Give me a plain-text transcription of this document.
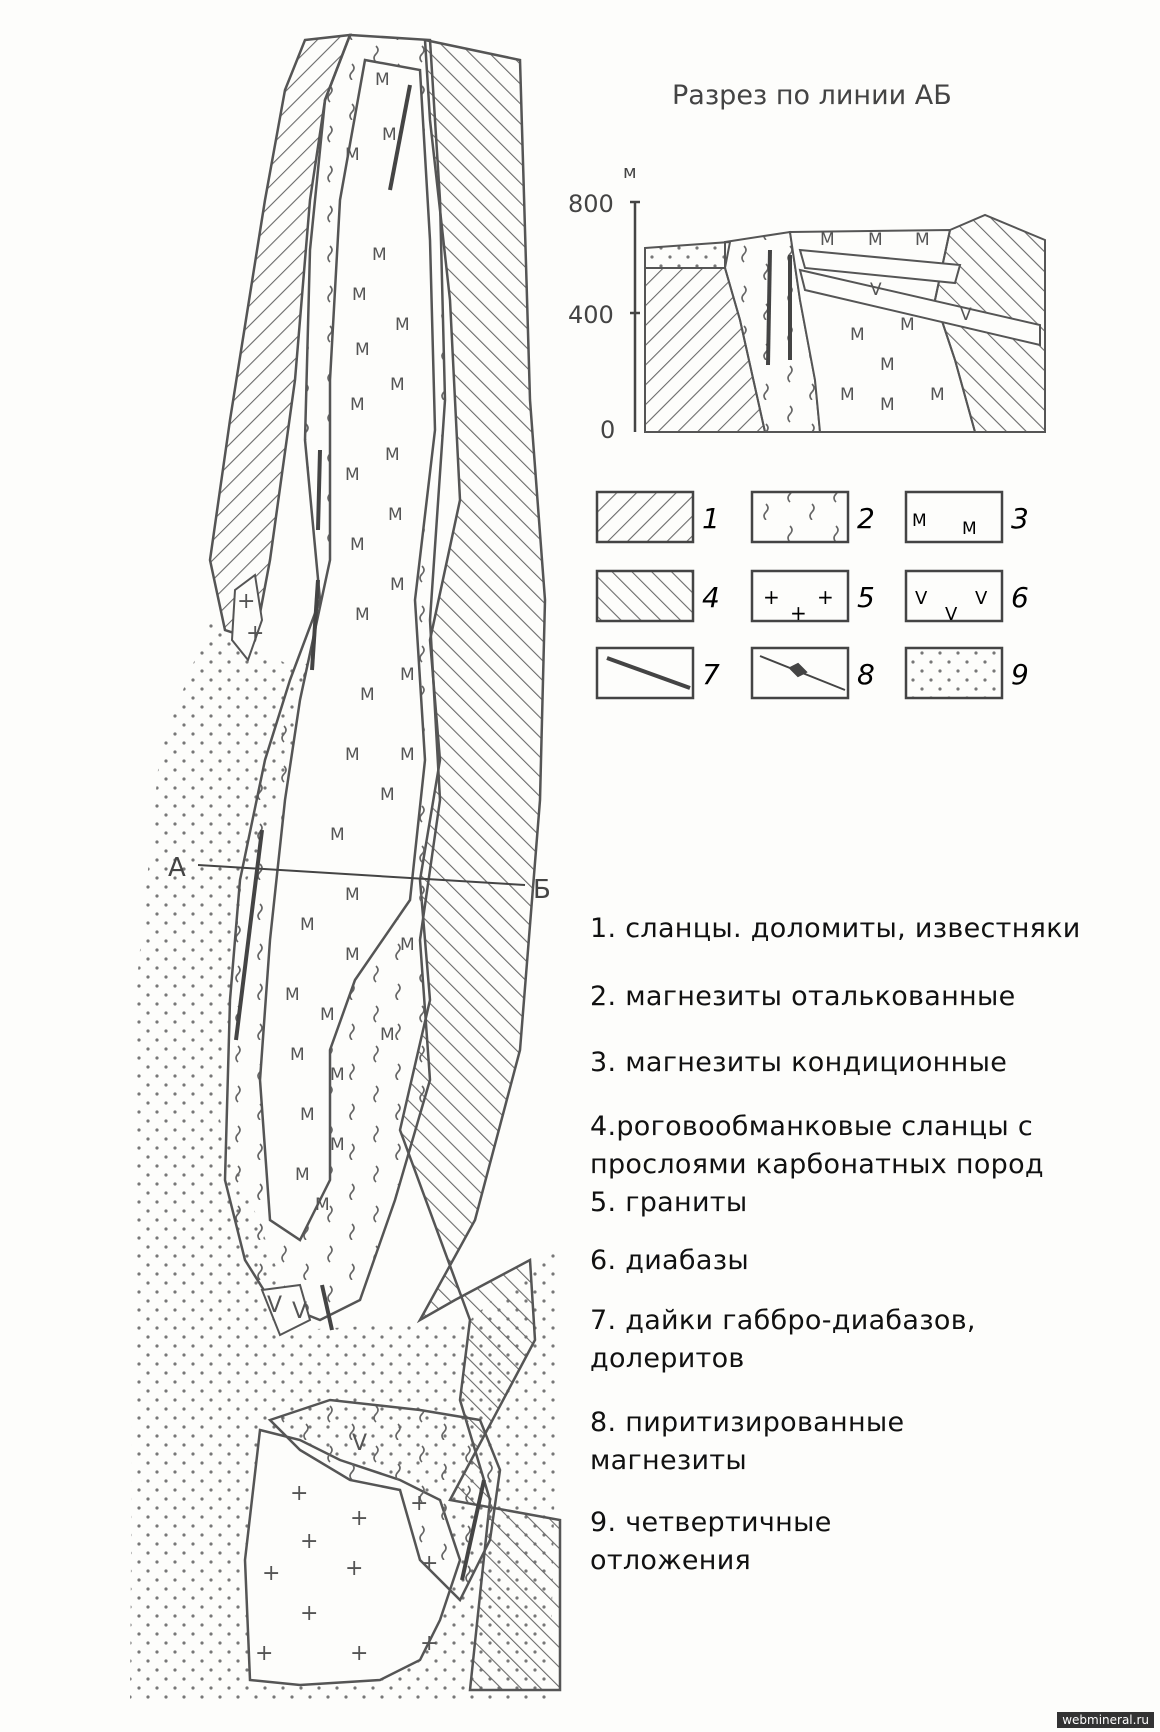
А
Б
М
М
М
М
М
М
М
М
М
М
М
М
М
М
М
М
М
М М
М
М
М
М
М М
М
М
М
М
М
М
М
М
М
V V
V
+
+
+
+
+
+
+	+	+
+
+	+ +
Разрез по линии АБ
м
800
400
0
М М М
М
М
М
М М М
V
V
1	2	3
4	5	6
7	8	9
М М
+
+
+	V
V
V
1. сланцы. доломиты, известняки
2. магнезиты отальковaнные
3. магнезиты кондиционные
4.роговообманковые сланцы с
прослоями карбонатных пород
5. граниты
6. диабазы
7. дайки габбро-диабазов,
долеритов
8. пиритизированные
магнезиты
9. четвертичные
отложения
webmineral.ru
